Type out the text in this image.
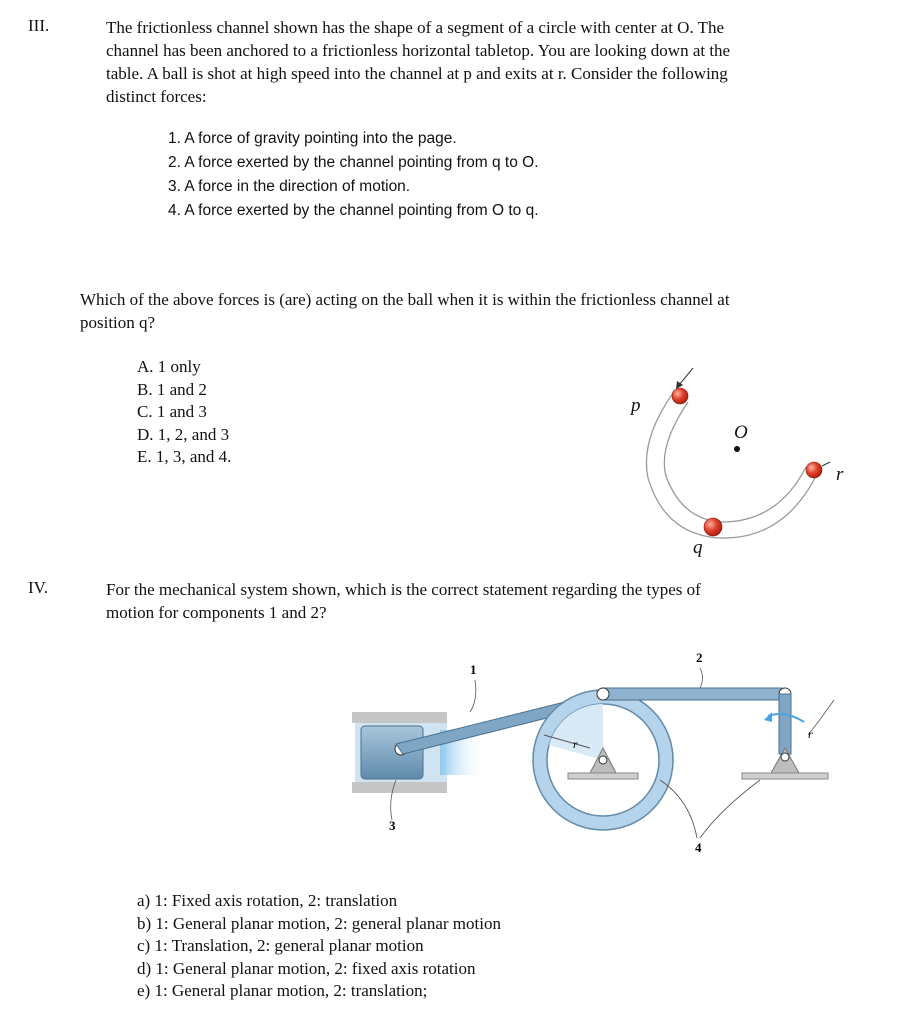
III.	The frictionless channel shown has the shape of a segment of a circle with center at O. The
channel has been anchored to a frictionless horizontal tabletop. You are looking down at the
table. A ball is shot at high speed into the channel at p and exits at r. Consider the following
distinct forces:
1. A force of gravity pointing into the page.
2. A force exerted by the channel pointing from q to O.
3. A force in the direction of motion.
4. A force exerted by the channel pointing from O to q.
Which of the above forces is (are) acting on the ball when it is within the frictionless channel at
position q?
A. 1 only
B. 1 and 2
C. 1 and 3
D. 1, 2, and 3
E. 1, 3, and 4.
p
O
r
q
IV.	For the mechanical system shown, which is the correct statement regarding the types of
motion for components 1 and 2?
1
2
3
4
r
r
a) 1: Fixed axis rotation, 2: translation
b) 1: General planar motion, 2: general planar motion
c) 1: Translation, 2: general planar motion
d) 1: General planar motion, 2: fixed axis rotation
e) 1: General planar motion, 2: translation;
